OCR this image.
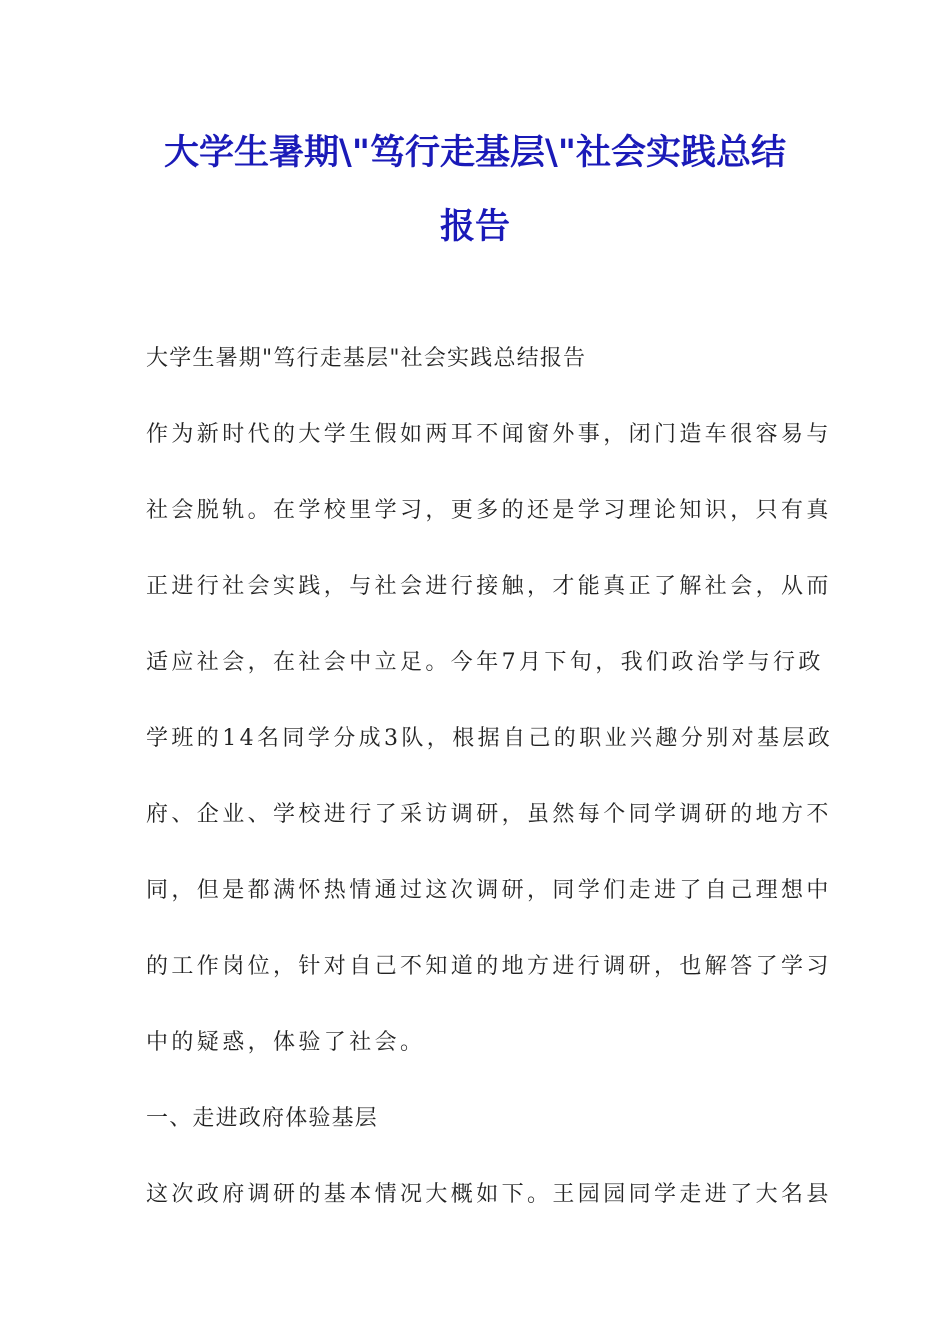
大学生暑期\"笃行走基层\"社会实践总结
报告

大学生暑期"笃行走基层"社会实践总结报告

作为新时代的大学生假如两耳不闻窗外事，闭门造车很容易与

社会脱轨。在学校里学习，更多的还是学习理论知识，只有真

正进行社会实践，与社会进行接触，才能真正了解社会，从而

适应社会，在社会中立足。今年7月下旬，我们政治学与行政

学班的14名同学分成3队，根据自己的职业兴趣分别对基层政

府、企业、学校进行了采访调研，虽然每个同学调研的地方不

同，但是都满怀热情通过这次调研，同学们走进了自己理想中

的工作岗位，针对自己不知道的地方进行调研，也解答了学习

中的疑惑，体验了社会。

一、走进政府体验基层

这次政府调研的基本情况大概如下。王园园同学走进了大名县
